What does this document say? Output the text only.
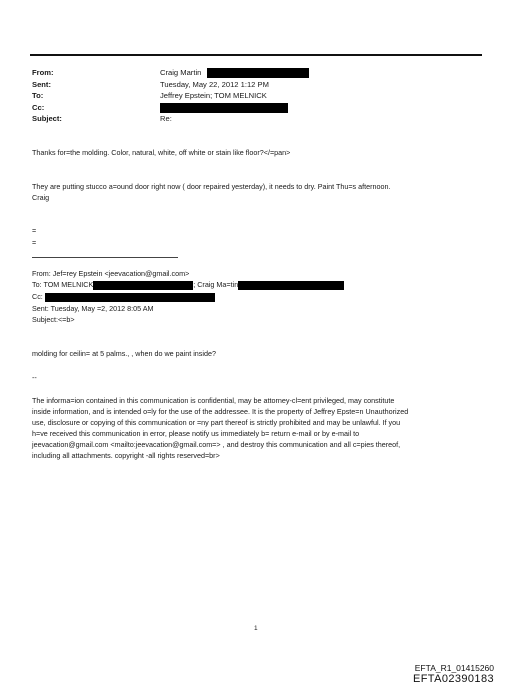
From:	Craig Martin
Sent:	Tuesday, May 22, 2012 1:12 PM
To:	Jeffrey Epstein; TOM MELNICK
Cc:
Subject:	Re:
Thanks for=the molding. Color, natural, white, off white or stain like floor?</=pan>
They are putting stucco a=ound door right now ( door repaired yesterday), it needs to dry. Paint Thu=s afternoon.
Craig
=
=
From: Jef=rey Epstein <jeevacation@gmail.com>
To: TOM MELNICK	; Craig Ma=tin
Cc:
Sent: Tuesday, May =2, 2012 8:05 AM
Subject:<=b>
molding for ceilin= at 5 palms., , when do we paint inside?
--
The informa=ion contained in this communication is confidential, may be attorney-cl=ent privileged, may constitute
inside information, and is intended o=ly for the use of the addressee. It is the property of Jeffrey Epste=n Unauthorized
use, disclosure or copying of this communication or =ny part thereof is strictly prohibited and may be unlawful. If you
h=ve received this communication in error, please notify us immediately b= return e-mail or by e-mail to
jeevacation@gmail.com <mailto:jeevacation@gmail.com=> , and destroy this communication and all c=pies thereof,
including all attachments. copyright -all rights reserved=br>
1
EFTA_R1_01415260
EFTA02390183
